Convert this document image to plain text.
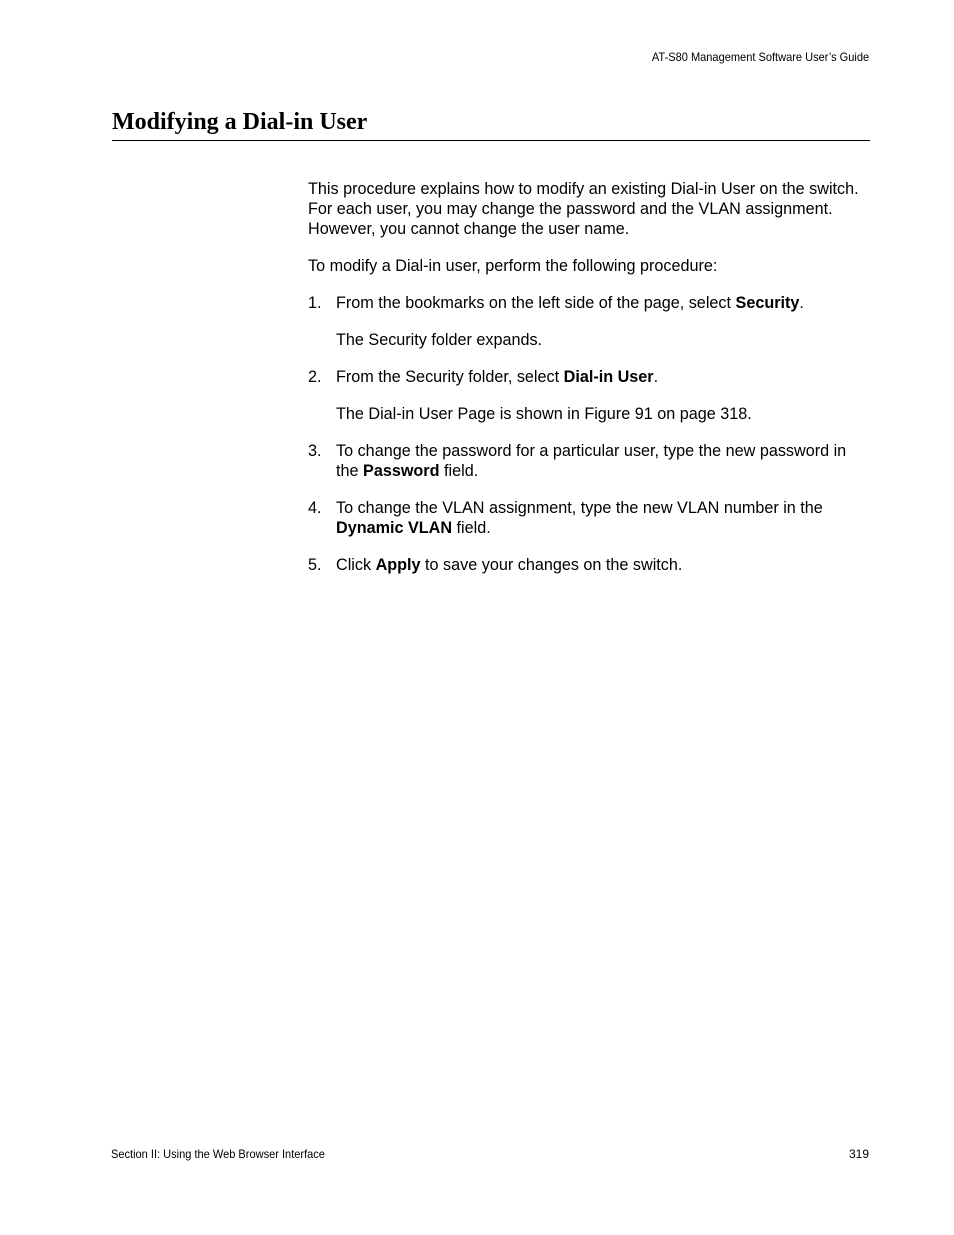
AT-S80 Management Software User’s Guide
Modifying a Dial-in User

This procedure explains how to modify an existing Dial-in User on the switch. For each user, you may change the password and the VLAN assignment. However, you cannot change the user name.

To modify a Dial-in user, perform the following procedure:

1. From the bookmarks on the left side of the page, select Security.

The Security folder expands.

2. From the Security folder, select Dial-in User.

The Dial-in User Page is shown in Figure 91 on page 318.

3. To change the password for a particular user, type the new password in the Password field.

4. To change the VLAN assignment, type the new VLAN number in the Dynamic VLAN field.

5. Click Apply to save your changes on the switch.

Section II: Using the Web Browser Interface	319
